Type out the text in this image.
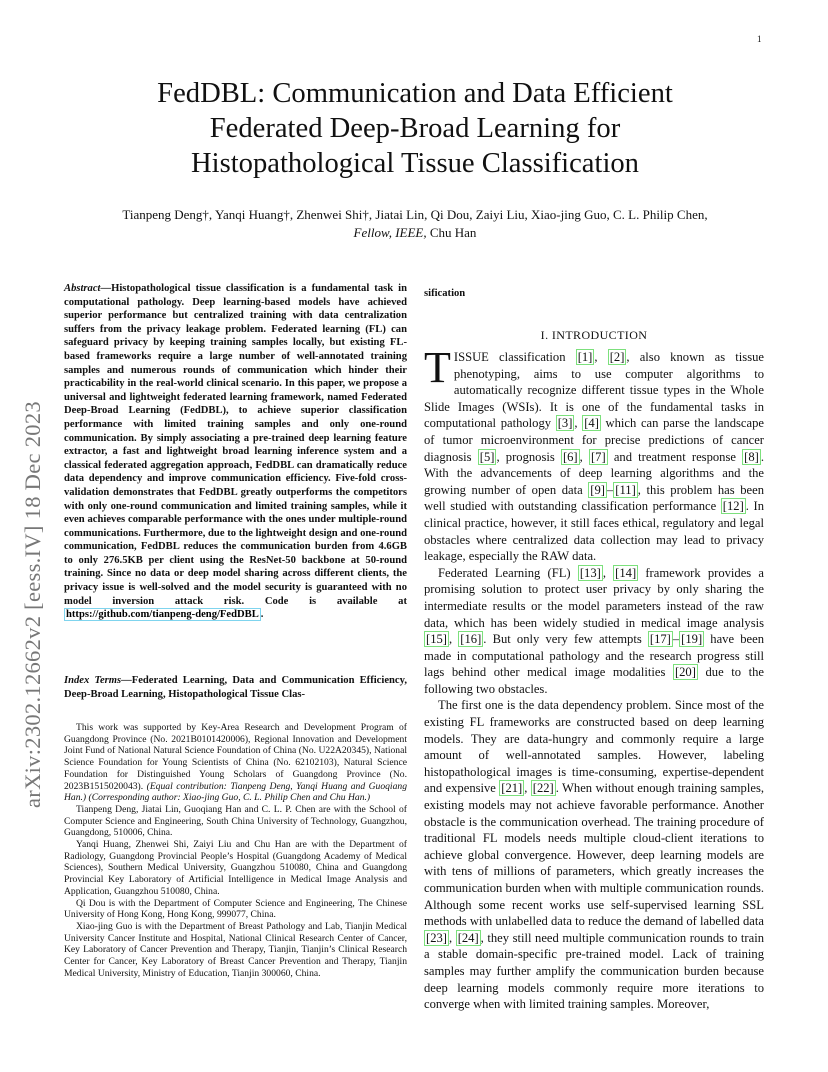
1
arXiv:2302.12662v2 [eess.IV] 18 Dec 2023
FedDBL: Communication and Data Efficient
Federated Deep-Broad Learning for
Histopathological Tissue Classification
Tianpeng Deng†, Yanqi Huang†, Zhenwei Shi†, Jiatai Lin, Qi Dou, Zaiyi Liu, Xiao-jing Guo, C. L. Philip Chen,
Fellow, IEEE, Chu Han
Abstract—Histopathological tissue classification is a fundamental task in computational pathology. Deep learning-based models have achieved superior performance but centralized training with data centralization suffers from the privacy leakage problem. Federated learning (FL) can safeguard privacy by keeping training samples locally, but existing FL-based frameworks require a large number of well-annotated training samples and numerous rounds of communication which hinder their practicability in the real-world clinical scenario. In this paper, we propose a universal and lightweight federated learning framework, named Federated Deep-Broad Learning (FedDBL), to achieve superior classification performance with limited training samples and only one-round communication. By simply associating a pre-trained deep learning feature extractor, a fast and lightweight broad learning inference system and a classical federated aggregation approach, FedDBL can dramatically reduce data dependency and improve communication efficiency. Five-fold cross-validation demonstrates that FedDBL greatly outperforms the competitors with only one-round communication and limited training samples, while it even achieves comparable performance with the ones under multiple-round communications. Furthermore, due to the lightweight design and one-round communication, FedDBL reduces the communication burden from 4.6GB to only 276.5KB per client using the ResNet-50 backbone at 50-round training. Since no data or deep model sharing across different clients, the privacy issue is well-solved and the model security is guaranteed with no model inversion attack risk. Code is available at https://github.com/tianpeng-deng/FedDBL .
Index Terms—Federated Learning, Data and Communication Efficiency, Deep-Broad Learning, Histopathological Tissue Clas-

This work was supported by Key-Area Research and Development Program of Guangdong Province (No. 2021B0101420006), Regional Innovation and Development Joint Fund of National Natural Science Foundation of China (No. U22A20345), National Science Foundation for Young Scientists of China (No. 62102103), Natural Science Foundation for Distinguished Young Scholars of Guangdong Province (No. 2023B1515020043). (Equal contribution: Tianpeng Deng, Yanqi Huang and Guoqiang Han.) (Corresponding author: Xiao-jing Guo, C. L. Philip Chen and Chu Han.)

Tianpeng Deng, Jiatai Lin, Guoqiang Han and C. L. P. Chen are with the School of Computer Science and Engineering, South China University of Technology, Guangzhou, Guangdong, 510006, China.

Yanqi Huang, Zhenwei Shi, Zaiyi Liu and Chu Han are with the Department of Radiology, Guangdong Provincial People’s Hospital (Guangdong Academy of Medical Sciences), Southern Medical University, Guangzhou 510080, China and Guangdong Provincial Key Laboratory of Artificial Intelligence in Medical Image Analysis and Application, Guangzhou 510080, China.

Qi Dou is with the Department of Computer Science and Engineering, The Chinese University of Hong Kong, Hong Kong, 999077, China.

Xiao-jing Guo is with the Department of Breast Pathology and Lab, Tianjin Medical University Cancer Institute and Hospital, National Clinical Research Center of Cancer, Key Laboratory of Cancer Prevention and Therapy, Tianjin, Tianjin’s Clinical Research Center for Cancer, Key Laboratory of Breast Cancer Prevention and Therapy, Tianjin Medical University, Ministry of Education, Tianjin 300060, China.

sification
I. INTRODUCTION

TISSUE classification [1] , [2] , also known as tissue phenotyping, aims to use computer algorithms to automatically recognize different tissue types in the Whole Slide Images (WSIs). It is one of the fundamental tasks in computational pathology [3] , [4] which can parse the landscape of tumor microenvironment for precise predictions of cancer diagnosis [5] , prognosis [6] , [7] and treatment response [8] . With the advancements of deep learning algorithms and the growing number of open data [9] – [11] , this problem has been well studied with outstanding classification performance [12] . In clinical practice, however, it still faces ethical, regulatory and legal obstacles where centralized data collection may lead to privacy leakage, especially the RAW data.

Federated Learning (FL) [13] , [14] framework provides a promising solution to protect user privacy by only sharing the intermediate results or the model parameters instead of the raw data, which has been widely studied in medical image analysis [15] , [16] . But only very few attempts [17] – [19] have been made in computational pathology and the research progress still lags behind other medical image modalities [20] due to the following two obstacles.

The first one is the data dependency problem. Since most of the existing FL frameworks are constructed based on deep learning models. They are data-hungry and commonly require a large amount of well-annotated samples. However, labeling histopathological images is time-consuming, expertise-dependent and expensive [21] , [22] . When without enough training samples, existing models may not achieve favorable performance. Another obstacle is the communication overhead. The training procedure of traditional FL models needs multiple cloud-client iterations to achieve global convergence. However, deep learning models are with tens of millions of parameters, which greatly increases the communication burden when with multiple communication rounds. Although some recent works use self-supervised learning SSL methods with unlabelled data to reduce the demand of labelled data [23] , [24] , they still need multiple communication rounds to train a stable domain-specific pre-trained model. Lack of training samples may further amplify the communication burden because deep learning models commonly require more iterations to converge when with limited training samples. Moreover,
